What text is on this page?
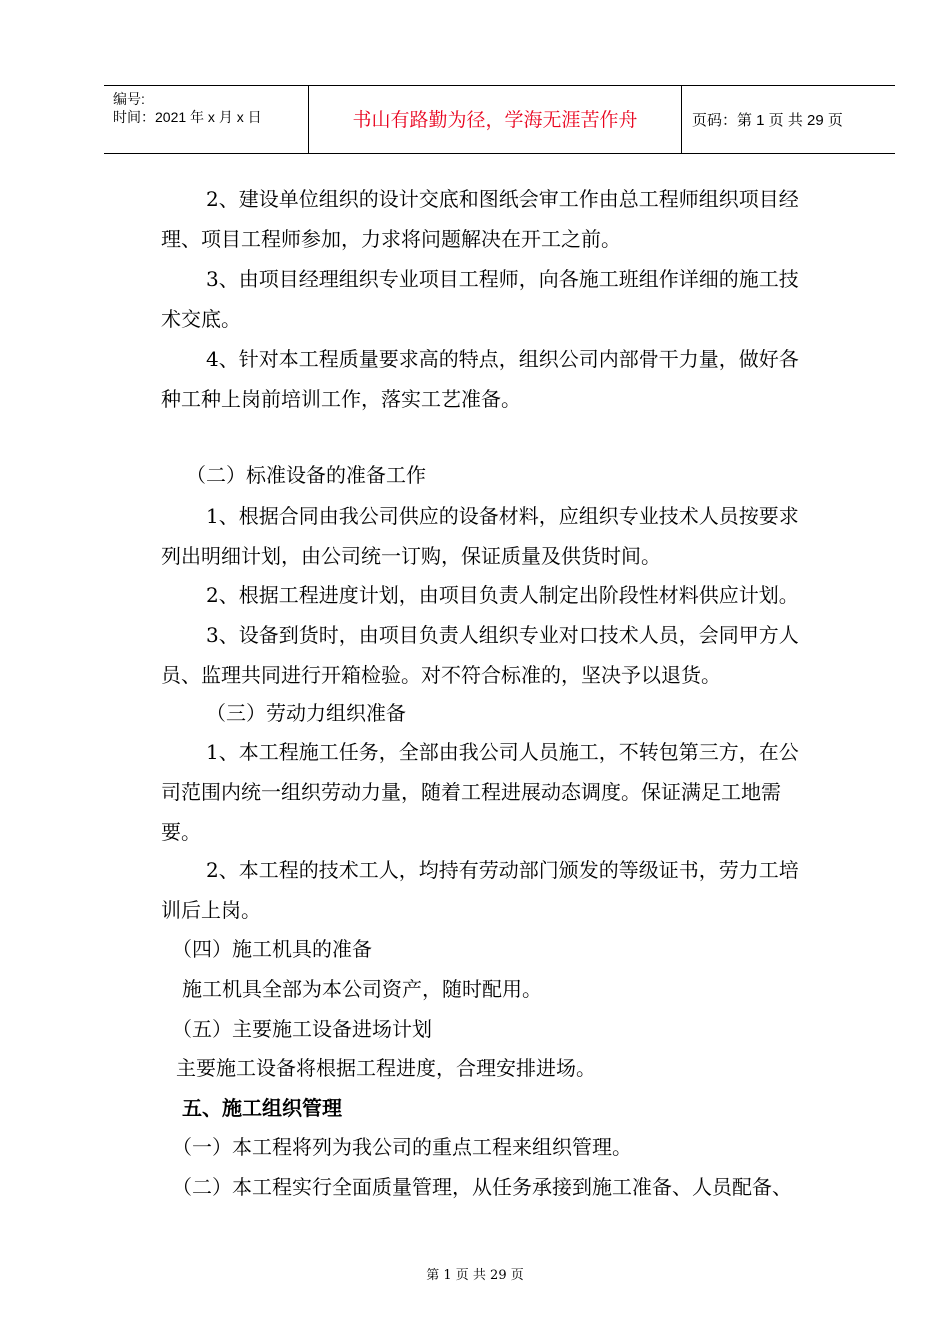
编号:
时间：2021 年 x 月 x 日	书山有路勤为径，学海无涯苦作舟	页码：第 1 页 共 29 页
2、建设单位组织的设计交底和图纸会审工作由总工程师组织项目经
理、项目工程师参加，力求将问题解决在开工之前。
3、由项目经理组织专业项目工程师，向各施工班组作详细的施工技
术交底。
4、针对本工程质量要求高的特点，组织公司内部骨干力量，做好各
种工种上岗前培训工作，落实工艺准备。
（二）标准设备的准备工作
1、根据合同由我公司供应的设备材料，应组织专业技术人员按要求
列出明细计划，由公司统一订购，保证质量及供货时间。
2、根据工程进度计划，由项目负责人制定出阶段性材料供应计划。
3、设备到货时，由项目负责人组织专业对口技术人员，会同甲方人
员、监理共同进行开箱检验。对不符合标准的，坚决予以退货。
（三）劳动力组织准备
1、本工程施工任务，全部由我公司人员施工，不转包第三方，在公
司范围内统一组织劳动力量，随着工程进展动态调度。保证满足工地需
要。
2、本工程的技术工人，均持有劳动部门颁发的等级证书，劳力工培
训后上岗。
（四）施工机具的准备
施工机具全部为本公司资产，随时配用。
（五）主要施工设备进场计划
主要施工设备将根据工程进度，合理安排进场。
五、施工组织管理
（一）本工程将列为我公司的重点工程来组织管理。
（二）本工程实行全面质量管理，从任务承接到施工准备、人员配备、
第 1 页 共 29 页
